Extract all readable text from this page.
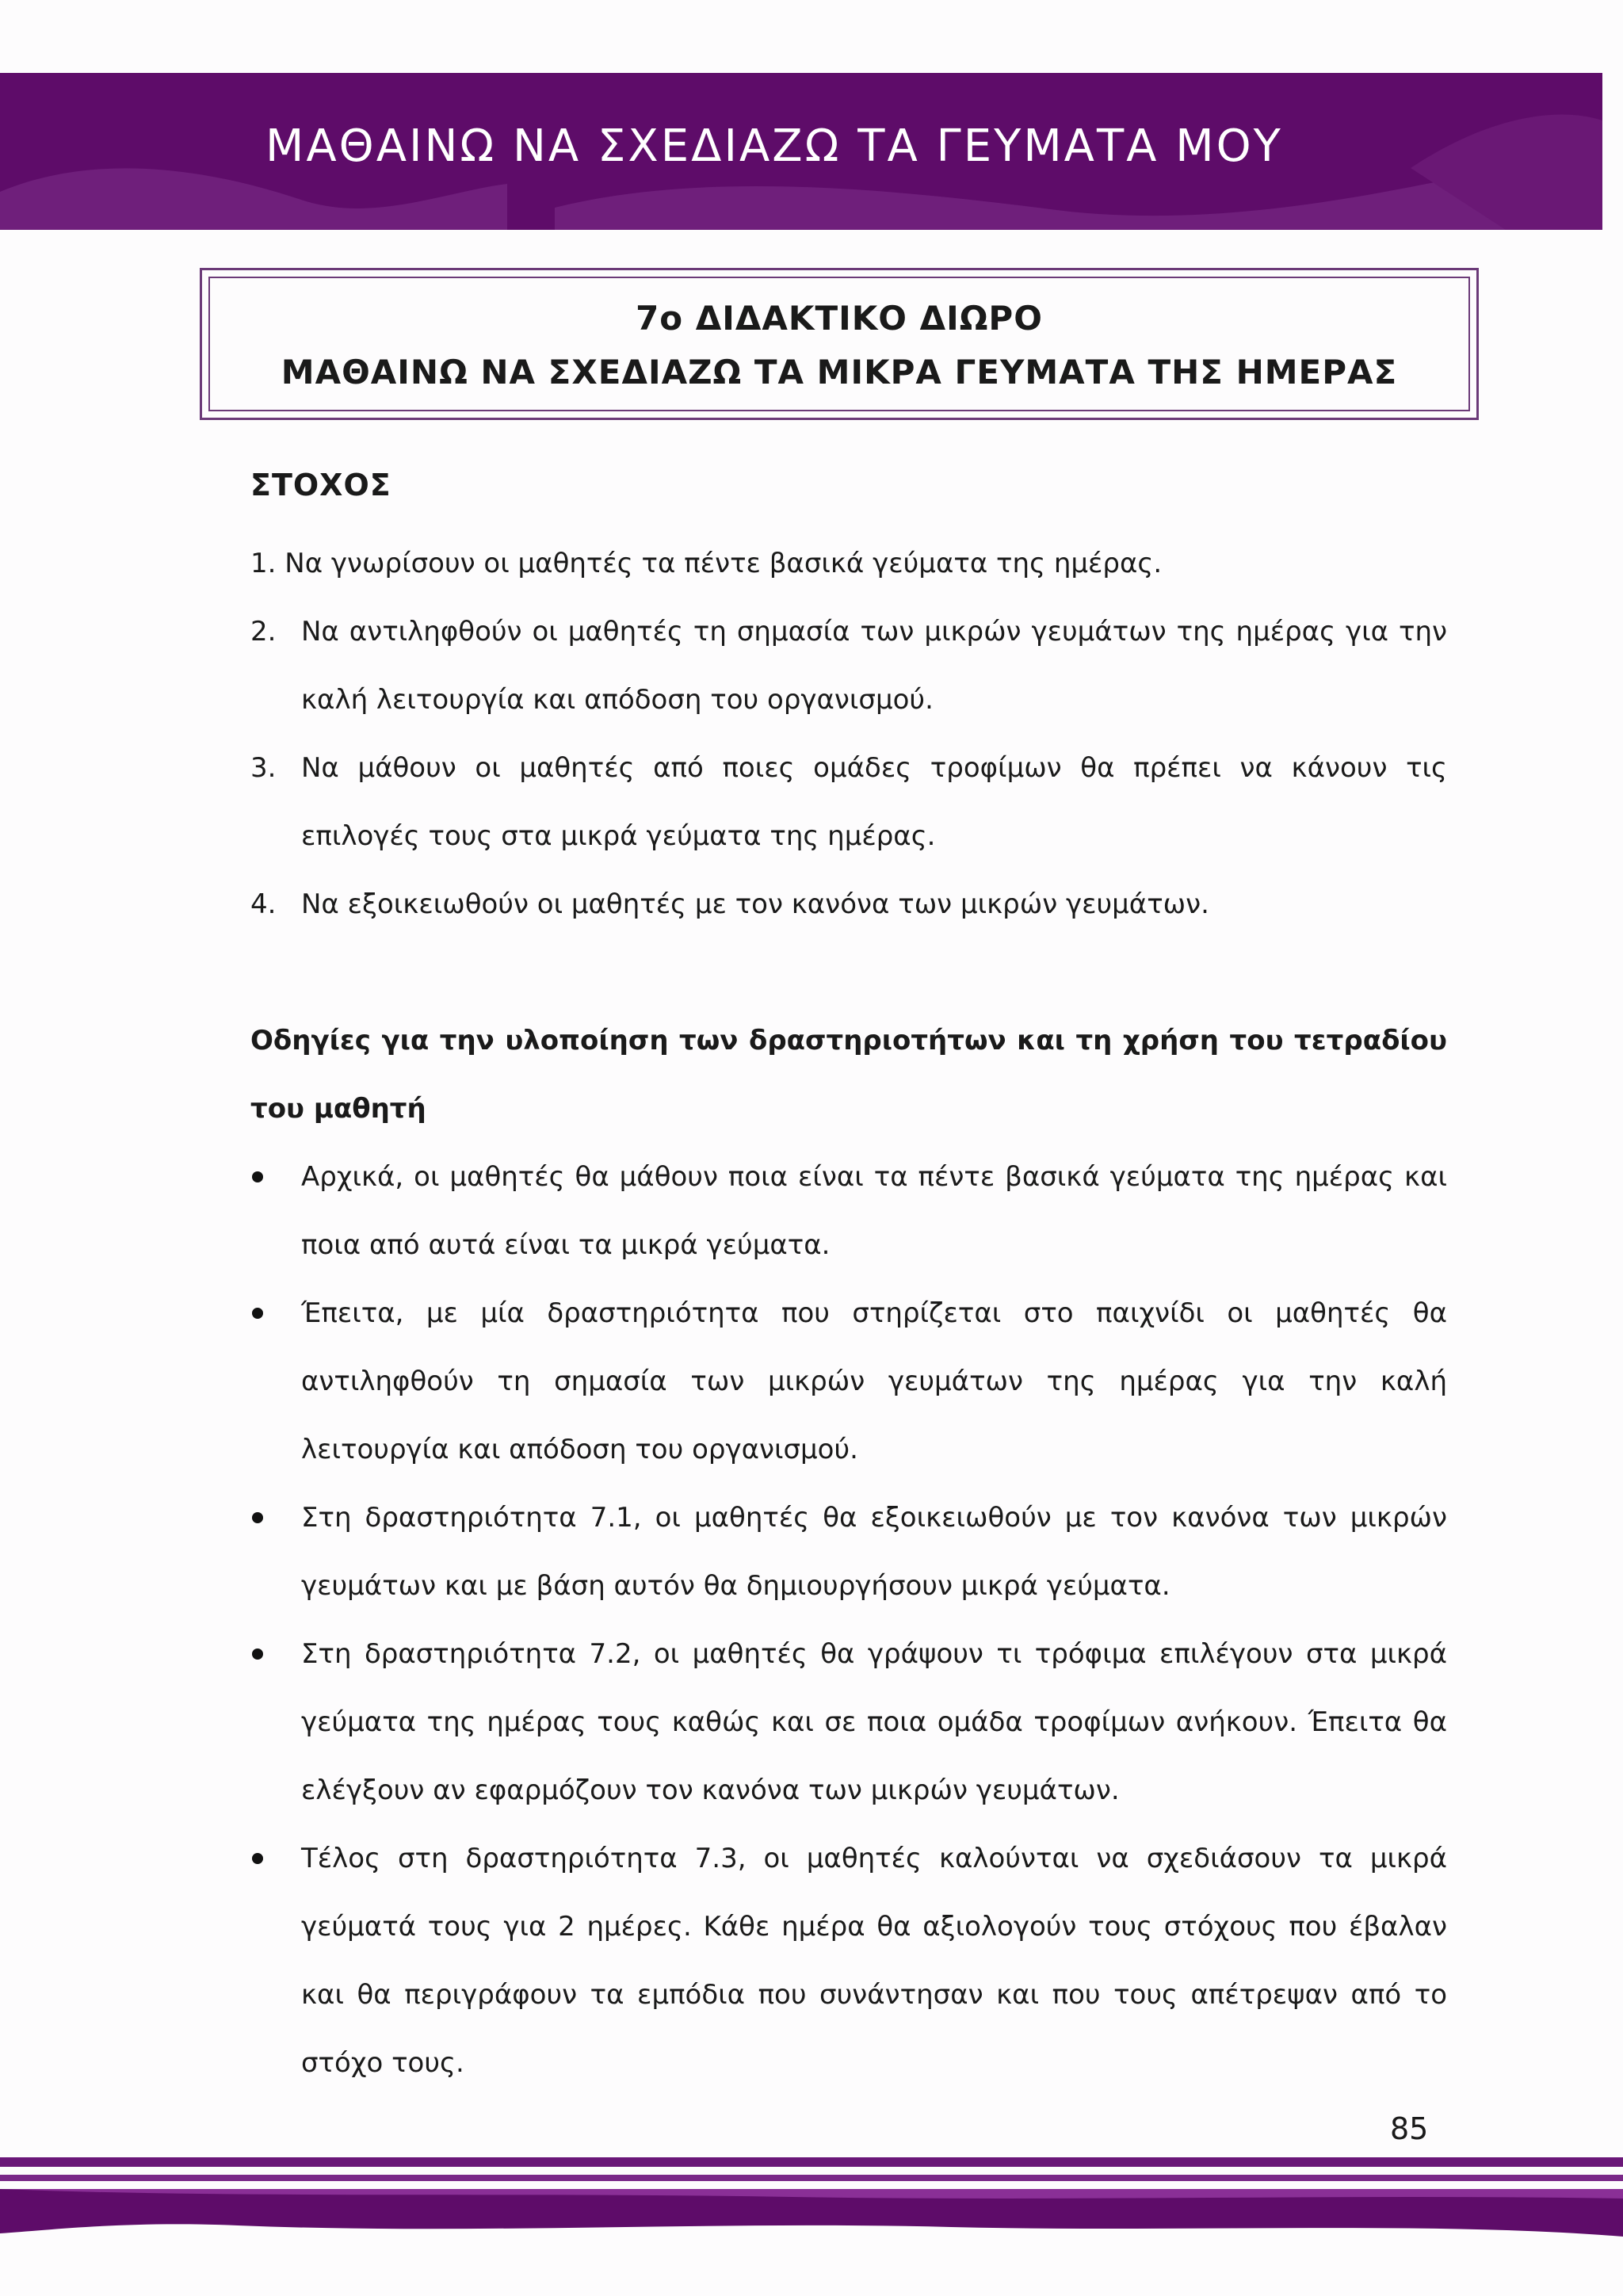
ΜΑΘΑΙΝΩ ΝΑ ΣΧΕΔΙΑΖΩ ΤΑ ΓΕΥΜΑΤΑ ΜΟΥ
7ο ΔΙΔΑΚΤΙΚΟ ΔΙΩΡΟ
ΜΑΘΑΙΝΩ ΝΑ ΣΧΕΔΙΑΖΩ ΤΑ ΜΙΚΡΑ ΓΕΥΜΑΤΑ ΤΗΣ ΗΜΕΡΑΣ
ΣΤΟΧΟΣ
1. Να γνωρίσουν οι μαθητές τα πέντε βασικά γεύματα της ημέρας.
2. Να αντιληφθούν οι μαθητές τη σημασία των μικρών γευμάτων της ημέρας για την καλή λειτουργία και απόδοση του οργανισμού.
3. Να μάθουν οι μαθητές από ποιες ομάδες τροφίμων θα πρέπει να κάνουν τις επιλογές τους στα μικρά γεύματα της ημέρας.
4. Να εξοικειωθούν οι μαθητές με τον κανόνα των μικρών γευμάτων.
Οδηγίες για την υλοποίηση των δραστηριοτήτων και τη χρήση του τετραδίου του μαθητή
Αρχικά, οι μαθητές θα μάθουν ποια είναι τα πέντε βασικά γεύματα της ημέρας και ποια από αυτά είναι τα μικρά γεύματα.
Έπειτα, με μία δραστηριότητα που στηρίζεται στο παιχνίδι οι μαθητές θα αντιληφθούν τη σημασία των μικρών γευμάτων της ημέρας για την καλή λειτουργία και απόδοση του οργανισμού.
Στη δραστηριότητα 7.1, οι μαθητές θα εξοικειωθούν με τον κανόνα των μικρών γευμάτων και με βάση αυτόν θα δημιουργήσουν μικρά γεύματα.
Στη δραστηριότητα 7.2, οι μαθητές θα γράψουν τι τρόφιμα επιλέγουν στα μικρά γεύματα της ημέρας τους καθώς και σε ποια ομάδα τροφίμων ανήκουν. Έπειτα θα ελέγξουν αν εφαρμόζουν τον κανόνα των μικρών γευμάτων.
Τέλος στη δραστηριότητα 7.3, οι μαθητές καλούνται να σχεδιάσουν τα μικρά γεύματά τους για 2 ημέρες. Κάθε ημέρα θα αξιολογούν τους στόχους που έβαλαν και θα περιγράφουν τα εμπόδια που συνάντησαν και που τους απέτρεψαν από το στόχο τους.
85
